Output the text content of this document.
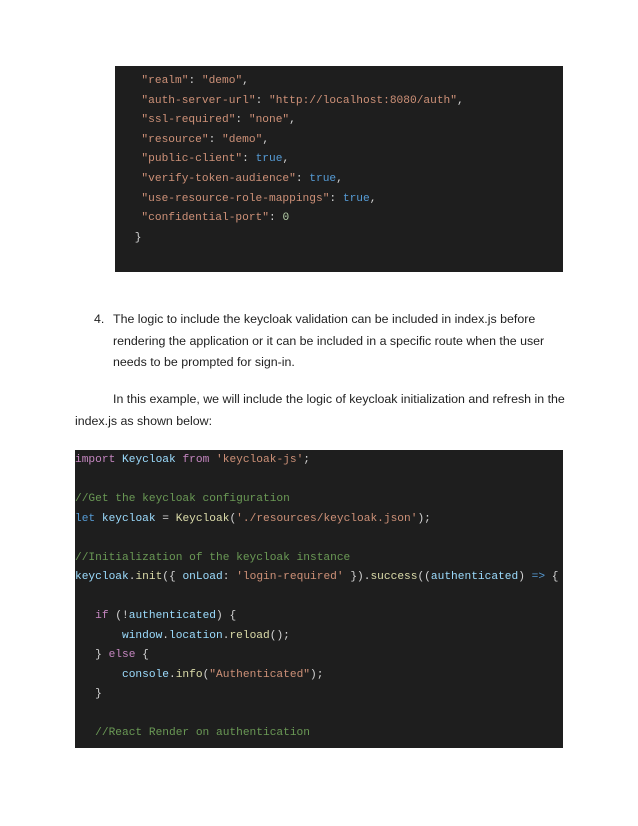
"realm": "demo",
"auth-server-url": "http://localhost:8080/auth",
"ssl-required": "none",
"resource": "demo",
"public-client": true,
"verify-token-audience": true,
"use-resource-role-mappings": true,
"confidential-port": 0
}
4. The logic to include the keycloak validation can be included in index.js before rendering the application or it can be included in a specific route when the user needs to be prompted for sign-in.
In this example, we will include the logic of keycloak initialization and refresh in the
index.js as shown below:
import Keycloak from 'keycloak-js';

//Get the keycloak configuration
let keycloak = Keycloak('./resources/keycloak.json');

//Initialization of the keycloak instance
keycloak.init({ onLoad: 'login-required' }).success((authenticated) => {

if (!authenticated) {
window.location.reload();
} else {
console.info("Authenticated");
}

//React Render on authentication
